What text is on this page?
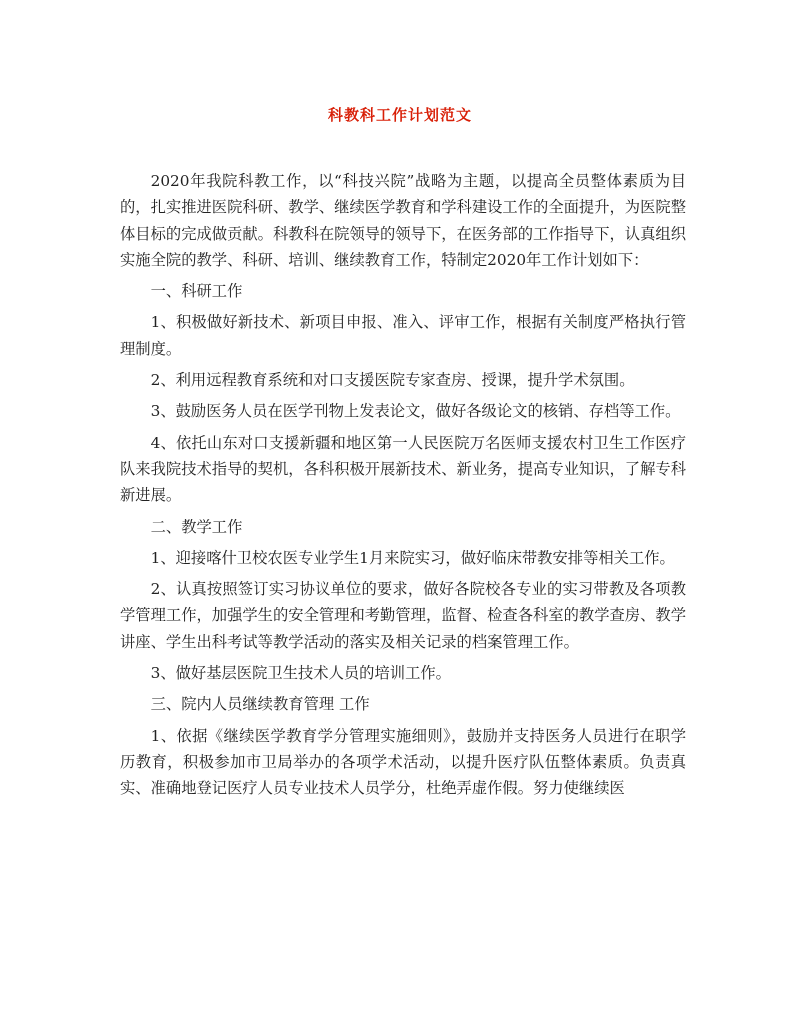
科教科工作计划范文

2020年我院科教工作，以“科技兴院”战略为主题，以提高全员整体素质为目的，扎实推进医院科研、教学、继续医学教育和学科建设工作的全面提升，为医院整体目标的完成做贡献。科教科在院领导的领导下，在医务部的工作指导下，认真组织实施全院的教学、科研、培训、继续教育工作，特制定2020年工作计划如下：

一、科研工作

1、积极做好新技术、新项目申报、准入、评审工作，根据有关制度严格执行管理制度。

2、利用远程教育系统和对口支援医院专家查房、授课，提升学术氛围。

3、鼓励医务人员在医学刊物上发表论文，做好各级论文的核销、存档等工作。

4、依托山东对口支援新疆和地区第一人民医院万名医师支援农村卫生工作医疗队来我院技术指导的契机，各科积极开展新技术、新业务，提高专业知识，了解专科新进展。

二、教学工作

1、迎接喀什卫校农医专业学生1月来院实习，做好临床带教安排等相关工作。

2、认真按照签订实习协议单位的要求，做好各院校各专业的实习带教及各项教学管理工作，加强学生的安全管理和考勤管理，监督、检查各科室的教学查房、教学讲座、学生出科考试等教学活动的落实及相关记录的档案管理工作。

3、做好基层医院卫生技术人员的培训工作。

三、院内人员继续教育管理 工作

1、依据《继续医学教育学分管理实施细则》，鼓励并支持医务人员进行在职学历教育，积极参加市卫局举办的各项学术活动，以提升医疗队伍整体素质。负责真实、准确地登记医疗人员专业技术人员学分，杜绝弄虚作假。努力使继续医
